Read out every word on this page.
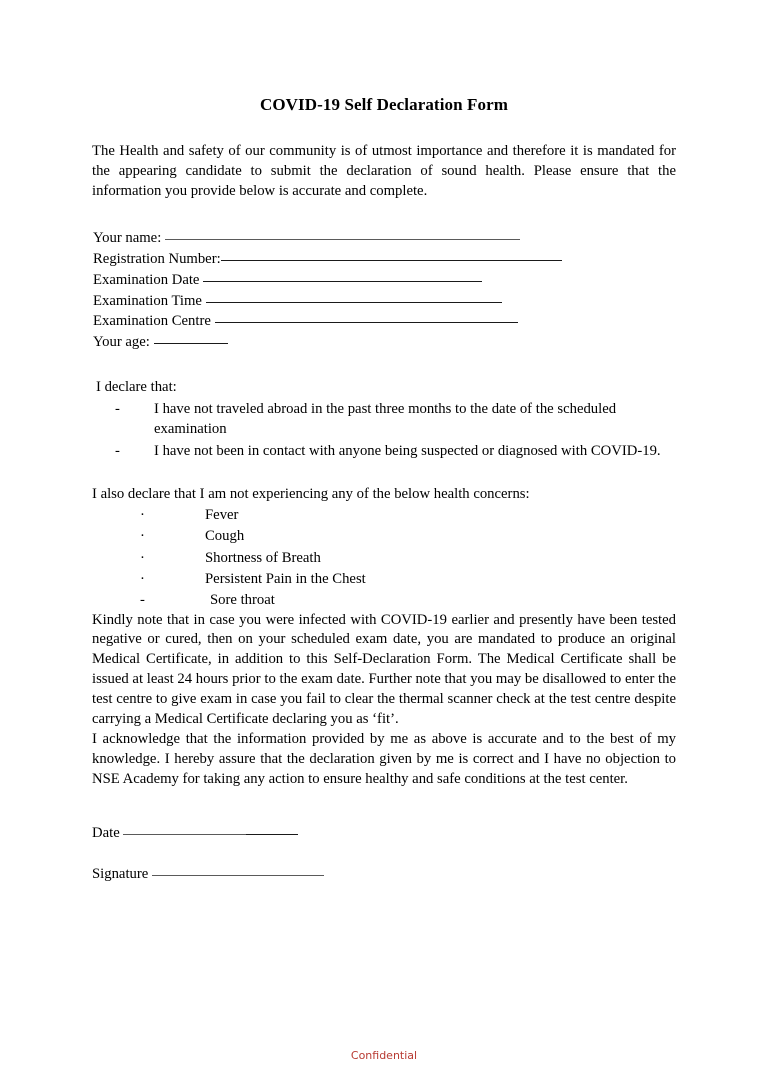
COVID-19 Self Declaration Form

The Health and safety of our community is of utmost importance and therefore it is mandated for the appearing candidate to submit the declaration of sound health. Please ensure that the information you provide below is accurate and complete.

Your name:
Registration Number:
Examination Date
Examination Time
Examination Centre
Your age:
I declare that:
- I have not traveled abroad in the past three months to the date of the scheduled examination
- I have not been in contact with anyone being suspected or diagnosed with COVID-19.
I also declare that I am not experiencing any of the below health concerns:
·	Fever
·	Cough
·	Shortness of Breath
·	Persistent Pain in the Chest
-	Sore throat

Kindly note that in case you were infected with COVID-19 earlier and presently have been tested negative or cured, then on your scheduled exam date, you are mandated to produce an original Medical Certificate, in addition to this Self-Declaration Form. The Medical Certificate shall be issued at least 24 hours prior to the exam date. Further note that you may be disallowed to enter the test centre to give exam in case you fail to clear the thermal scanner check at the test centre despite carrying a Medical Certificate declaring you as ‘fit’.

I acknowledge that the information provided by me as above is accurate and to the best of my knowledge. I hereby assure that the declaration given by me is correct and I have no objection to NSE Academy for taking any action to ensure healthy and safe conditions at the test center.

Date
Signature
Confidential
